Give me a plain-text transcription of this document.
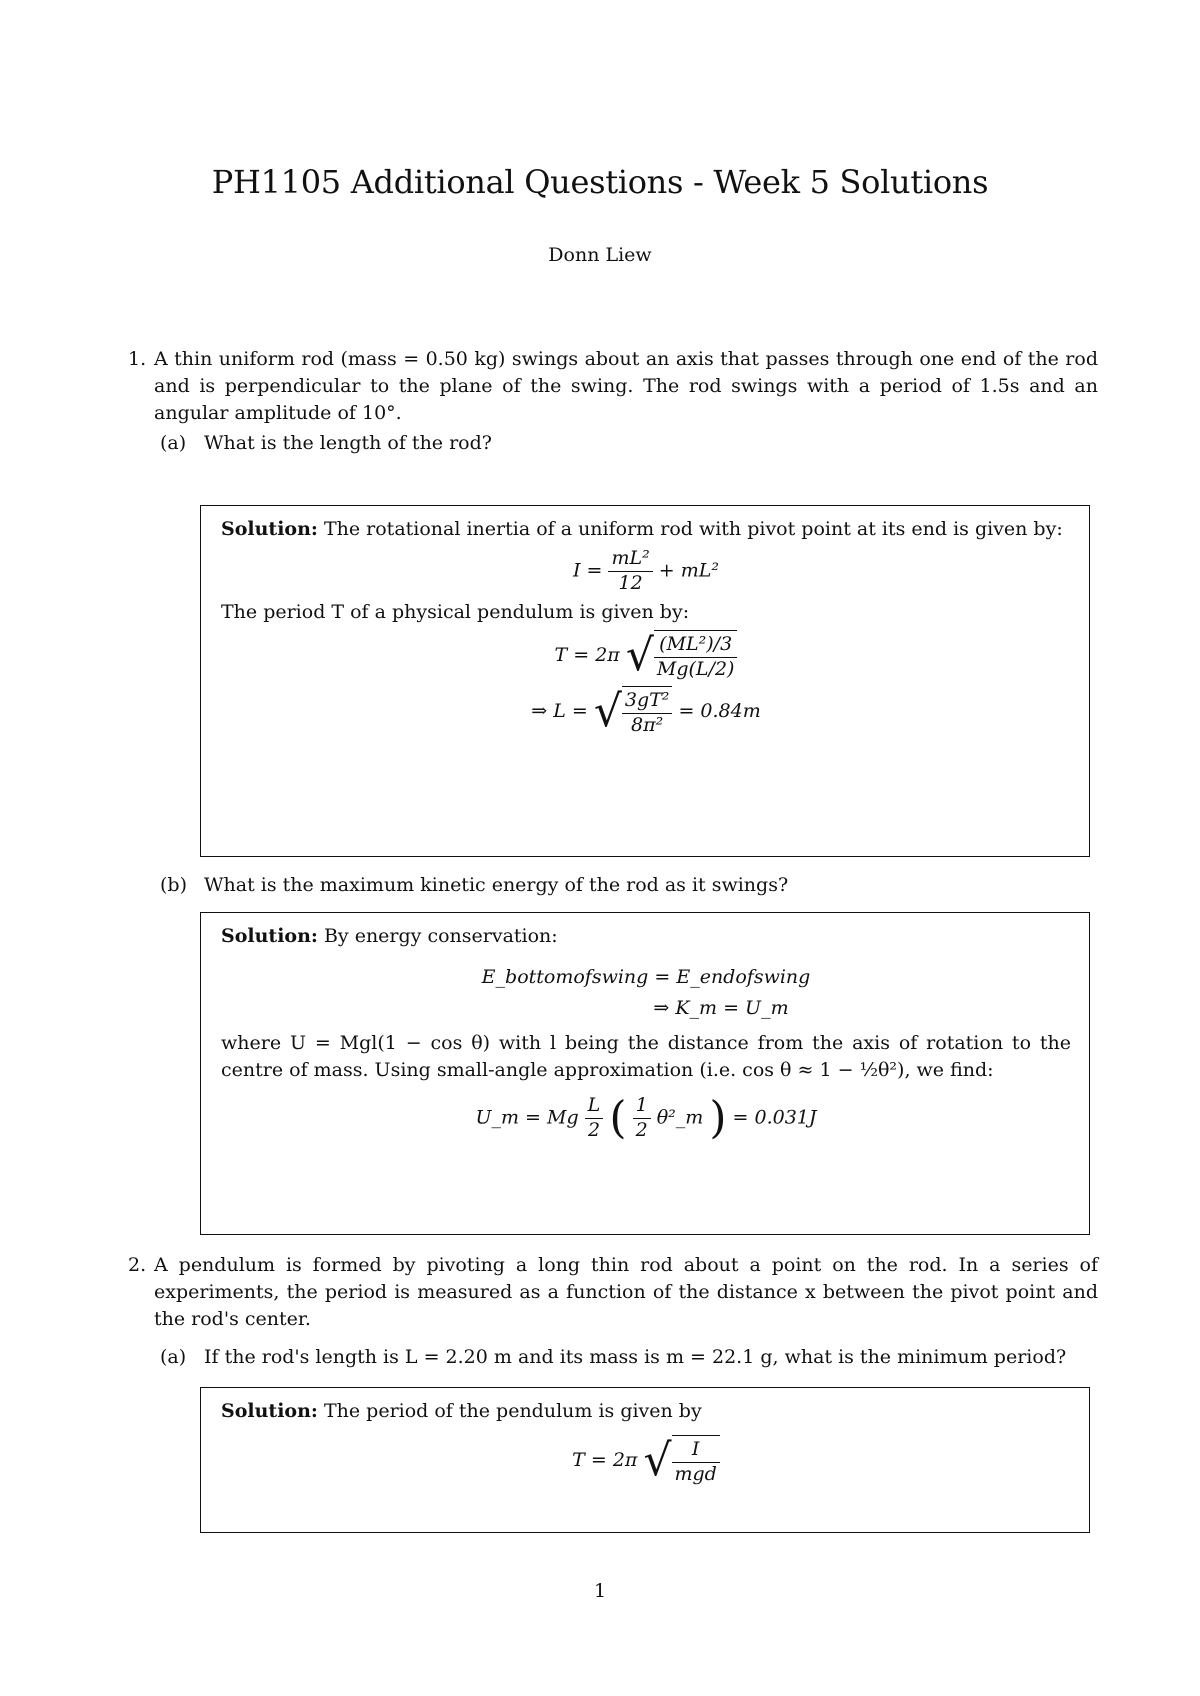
PH1105 Additional Questions - Week 5 Solutions
Donn Liew
1. A thin uniform rod (mass = 0.50 kg) swings about an axis that passes through one end of the rod and is perpendicular to the plane of the swing. The rod swings with a period of 1.5s and an angular amplitude of 10°.
(a) What is the length of the rod?
Solution: The rotational inertia of a uniform rod with pivot point at its end is given by:
$I = \frac{\text{mL²}}{12} + mL^2$
The period T of a physical pendulum is given by:
T = 2π √ $\frac{\text{(ML²)/3}}{Mg(L/2)}$
⇒ L = √ $\frac{\text{3gT²}}{\text{8π²}} = 0.84m$
(b) What is the maximum kinetic energy of the rod as it swings?
Solution: By energy conservation:
E_bottomofswing = E_endofswing
⇒ K_m = U_m
where U = Mgl(1 − cos θ) with l being the distance from the axis of rotation to the centre of mass. Using small-angle approximation (i.e. cos θ ≈ 1 − ½θ²), we find:
U_m = Mg $\frac{L}{2}$ ( $\frac{1}{2}$ θ²_m ) = 0.031J
2. A pendulum is formed by pivoting a long thin rod about a point on the rod. In a series of experiments, the period is measured as a function of the distance x between the pivot point and the rod's center.
(a) If the rod's length is L = 2.20 m and its mass is m = 22.1 g, what is the minimum period?
Solution: The period of the pendulum is given by
T = 2π √ $\frac{I}{\text{mgd}}$
1
